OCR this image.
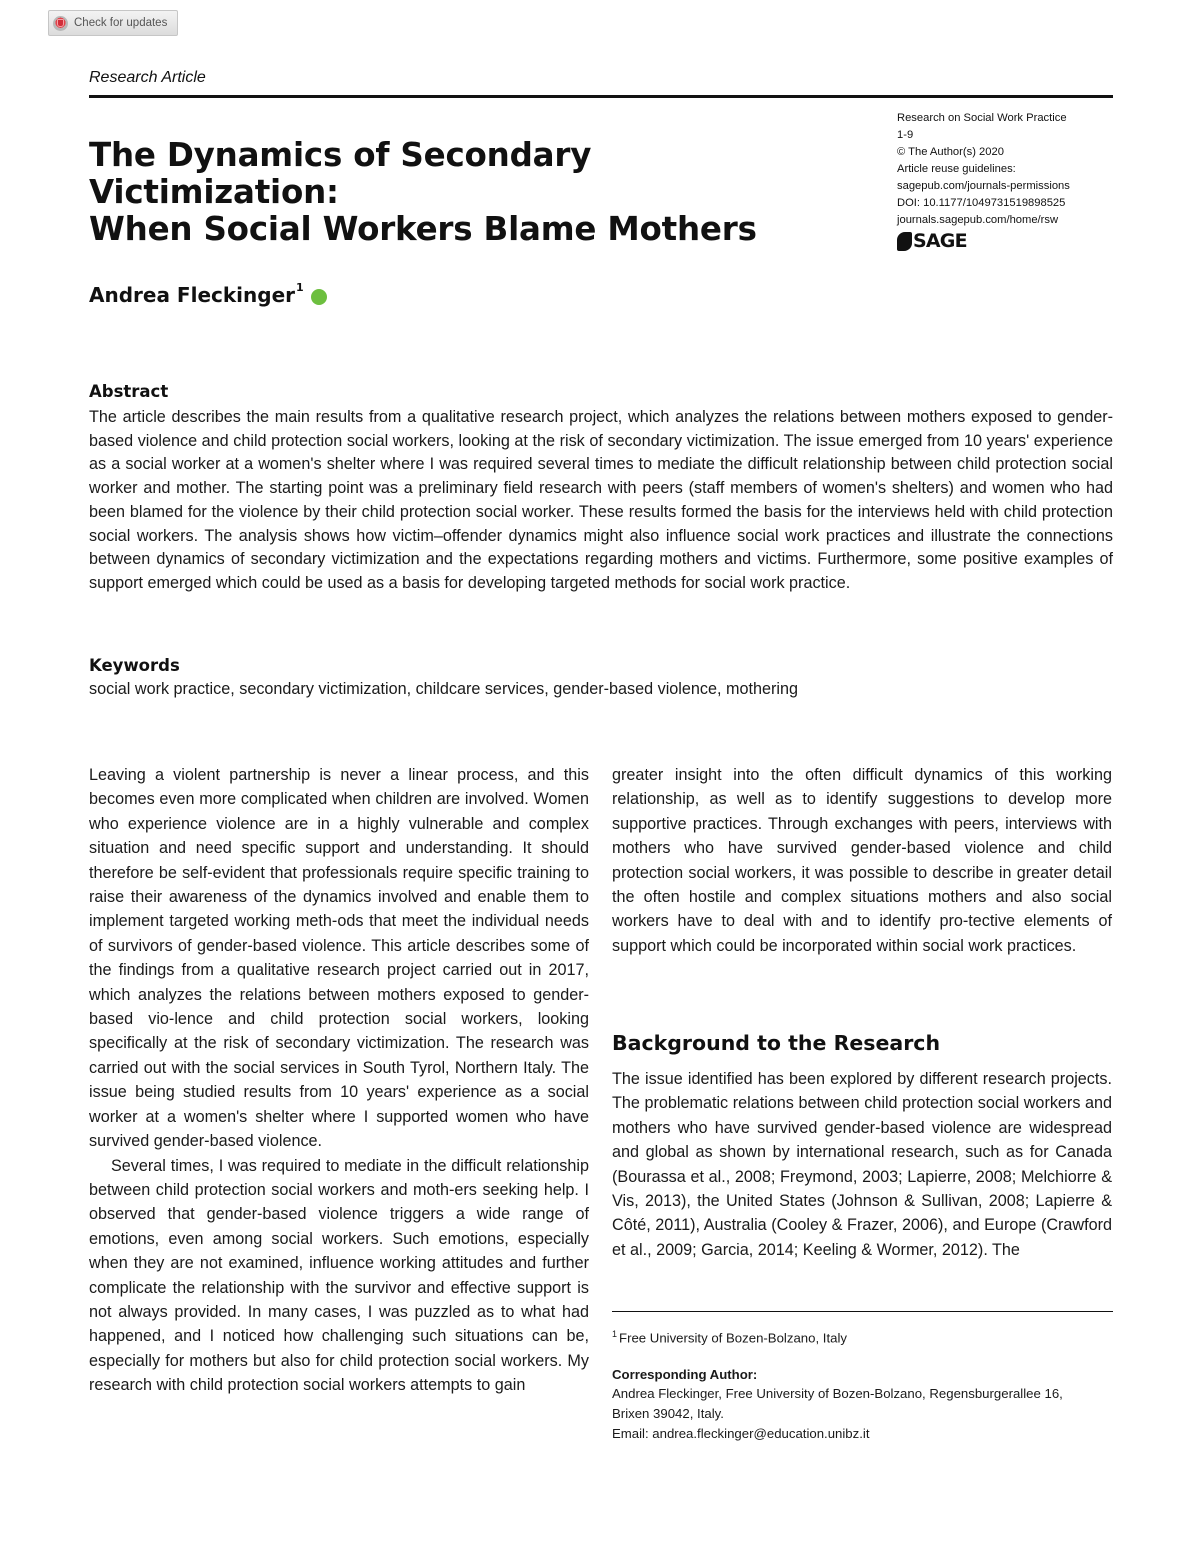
Check for updates
Research Article
The Dynamics of Secondary Victimization:
When Social Workers Blame Mothers
Research on Social Work Practice
1-9
© The Author(s) 2020
Article reuse guidelines:
sagepub.com/journals-permissions
DOI: 10.1177/1049731519898525
journals.sagepub.com/home/rsw
SAGE
Andrea Fleckinger$^1$
Abstract
The article describes the main results from a qualitative research project, which analyzes the relations between mothers exposed to gender-based violence and child protection social workers, looking at the risk of secondary victimization. The issue emerged from 10 years' experience as a social worker at a women's shelter where I was required several times to mediate the difficult relationship between child protection social worker and mother. The starting point was a preliminary field research with peers (staff members of women's shelters) and women who had been blamed for the violence by their child protection social worker. These results formed the basis for the interviews held with child protection social workers. The analysis shows how victim–offender dynamics might also influence social work practices and illustrate the connections between dynamics of secondary victimization and the expectations regarding mothers and victims. Furthermore, some positive examples of support emerged which could be used as a basis for developing targeted methods for social work practice.
Keywords
social work practice, secondary victimization, childcare services, gender-based violence, mothering

Leaving a violent partnership is never a linear process, and this becomes even more complicated when children are involved. Women who experience violence are in a highly vulnerable and complex situation and need specific support and understanding. It should therefore be self-evident that professionals require specific training to raise their awareness of the dynamics involved and enable them to implement targeted working meth-ods that meet the individual needs of survivors of gender-based violence. This article describes some of the findings from a qualitative research project carried out in 2017, which analyzes the relations between mothers exposed to gender-based vio-lence and child protection social workers, looking specifically at the risk of secondary victimization. The research was carried out with the social services in South Tyrol, Northern Italy. The issue being studied results from 10 years' experience as a social worker at a women's shelter where I supported women who have survived gender-based violence.

Several times, I was required to mediate in the difficult relationship between child protection social workers and moth-ers seeking help. I observed that gender-based violence triggers a wide range of emotions, even among social workers. Such emotions, especially when they are not examined, influence working attitudes and further complicate the relationship with the survivor and effective support is not always provided. In many cases, I was puzzled as to what had happened, and I noticed how challenging such situations can be, especially for mothers but also for child protection social workers. My research with child protection social workers attempts to gain

greater insight into the often difficult dynamics of this working relationship, as well as to identify suggestions to develop more supportive practices. Through exchanges with peers, interviews with mothers who have survived gender-based violence and child protection social workers, it was possible to describe in greater detail the often hostile and complex situations mothers and also social workers have to deal with and to identify pro-tective elements of support which could be incorporated within social work practices.

Background to the Research

The issue identified has been explored by different research projects. The problematic relations between child protection social workers and mothers who have survived gender-based violence are widespread and global as shown by international research, such as for Canada (Bourassa et al., 2008; Freymond, 2003; Lapierre, 2008; Melchiorre & Vis, 2013), the United States (Johnson & Sullivan, 2008; Lapierre & Côté, 2011), Australia (Cooley & Frazer, 2006), and Europe (Crawford et al., 2009; Garcia, 2014; Keeling & Wormer, 2012). The

$^1$ Free University of Bozen-Bolzano, Italy
Corresponding Author:
Andrea Fleckinger, Free University of Bozen-Bolzano, Regensburgerallee 16,
Brixen 39042, Italy.
Email: andrea.fleckinger@education.unibz.it
